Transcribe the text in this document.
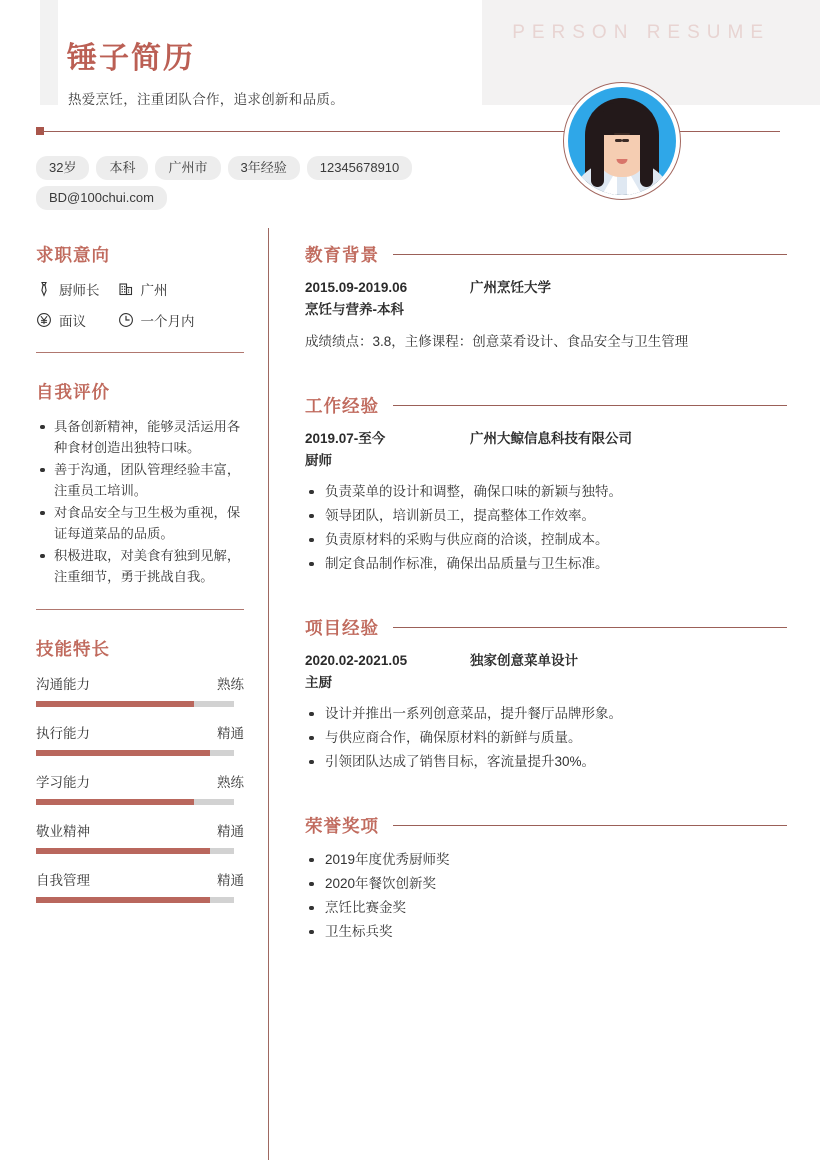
PERSON RESUME
锤子简历
热爱烹饪，注重团队合作，追求创新和品质。
32岁	本科	广州市	3年经验	12345678910
BD@100chui.com
求职意向
厨师长	广州
面议	一个月内
自我评价
具备创新精神，能够灵活运用各种食材创造出独特口味。
善于沟通，团队管理经验丰富，注重员工培训。
对食品安全与卫生极为重视，保证每道菜品的品质。
积极进取，对美食有独到见解，注重细节，勇于挑战自我。
技能特长
沟通能力	熟练
执行能力	精通
学习能力	熟练
敬业精神	精通
自我管理	精通
教育背景
2015.09-2019.06	广州烹饪大学
烹饪与营养-本科
成绩绩点：3.8，主修课程：创意菜肴设计、食品安全与卫生管理
工作经验
2019.07-至今	广州大鲸信息科技有限公司
厨师
负责菜单的设计和调整，确保口味的新颖与独特。
领导团队，培训新员工，提高整体工作效率。
负责原材料的采购与供应商的洽谈，控制成本。
制定食品制作标准，确保出品质量与卫生标准。
项目经验
2020.02-2021.05	独家创意菜单设计
主厨
设计并推出一系列创意菜品，提升餐厅品牌形象。
与供应商合作，确保原材料的新鲜与质量。
引领团队达成了销售目标，客流量提升30%。
荣誉奖项
2019年度优秀厨师奖
2020年餐饮创新奖
烹饪比赛金奖
卫生标兵奖
